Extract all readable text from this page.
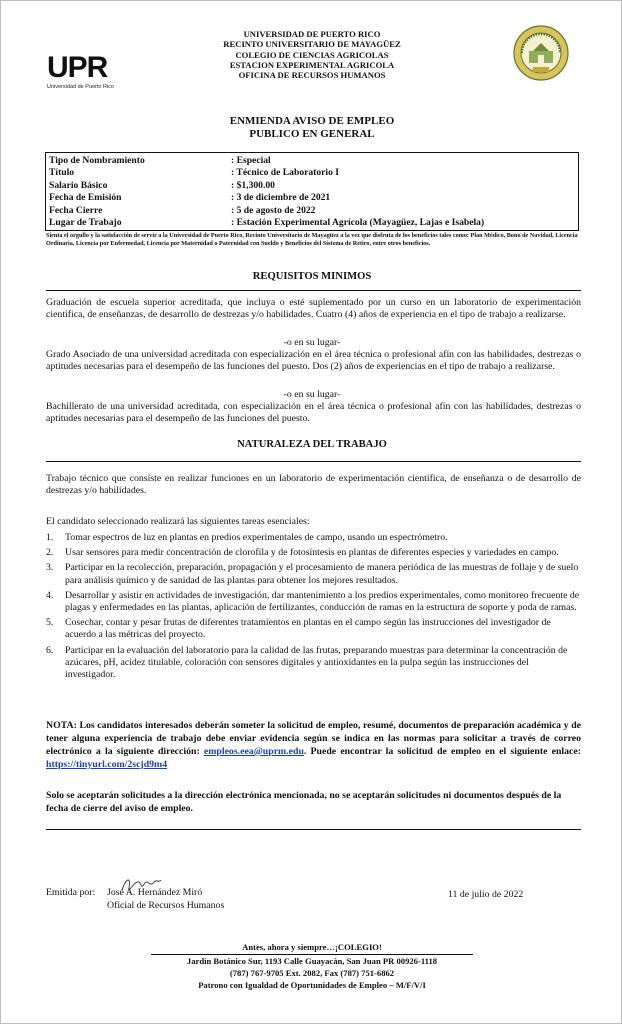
UPR
Universidad de Puerto Rico
UNIVERSIDAD DE PUERTO RICO
RECINTO UNIVERSITARIO DE MAYAGÜEZ
COLEGIO DE CIENCIAS AGRICOLAS
ESTACION EXPERIMENTAL AGRICOLA
OFICINA DE RECURSOS HUMANOS
ENMIENDA AVISO DE EMPLEO
PUBLICO EN GENERAL
Tipo de Nombramiento	: Especial
Título	: Técnico de Laboratorio I
Salario Básico	: $1,300.00
Fecha de Emisión	: 3 de diciembre de 2021
Fecha Cierre	: 5 de agosto de 2022
Lugar de Trabajo	: Estación Experimental Agrícola (Mayagüez, Lajas e Isabela)
Sienta el orgullo y la satisfacción de servir a la Universidad de Puerto Rico, Recinto Universitario de Mayagüez a la vez que disfruta de los beneficios tales como: Plan Médico, Bono de Navidad, Licencia Ordinaria, Licencia por Enfermedad, Licencia por Maternidad o Paternidad con Sueldo y Beneficios del Sistema de Retiro, entre otros beneficios.
REQUISITOS MINIMOS
Graduación de escuela superior acreditada, que incluya o esté suplementado por un curso en un laboratorio de experimentación científica, de enseñanzas, de desarrollo de destrezas y/o habilidades. Cuatro (4) años de experiencia en el tipo de trabajo a realizarse.
-o en su lugar-
Grado Asociado de una universidad acreditada con especialización en el área técnica o profesional afín con las habilidades, destrezas o aptitudes necesarias para el desempeño de las funciones del puesto. Dos (2) años de experiencias en el tipo de trabajo a realizarse.
-o en su lugar-
Bachillerato de una universidad acreditada, con especialización en el área técnica o profesional afín con las habilidades, destrezas o aptitudes necesarias para el desempeño de las funciones del puesto.
NATURALEZA DEL TRABAJO
Trabajo técnico que consiste en realizar funciones en un laboratorio de experimentación científica, de enseñanza o de desarrollo de destrezas y/o habilidades.
El candidato seleccionado realizará las siguientes tareas esenciales:
1. Tomar espectros de luz en plantas en predios experimentales de campo, usando un espectrómetro.
2. Usar sensores para medir concentración de clorofila y de fotosíntesis en plantas de diferentes especies y variedades en campo.
3. Participar en la recolección, preparación, propagación y el procesamiento de manera periódica de las muestras de follaje y de suelo para análisis químico y de sanidad de las plantas para obtener los mejores resultados.
4. Desarrollar y asistir en actividades de investigación, dar mantenimiento a los predios experimentales, como monitoreo frecuente de plagas y enfermedades en las plantas, aplicación de fertilizantes, conducción de ramas en la estructura de soporte y poda de ramas.
5. Cosechar, contar y pesar frutas de diferentes tratamientos en plantas en el campo según las instrucciones del investigador de acuerdo a las métricas del proyecto.
6. Participar en la evaluación del laboratorio para la calidad de las frutas, preparando muestras para determinar la concentración de azúcares, pH, acidez titulable, coloración con sensores digitales y antioxidantes en la pulpa según las instrucciones del investigador.
NOTA: Los candidatos interesados deberán someter la solicitud de empleo, resumé, documentos de preparación académica y de tener alguna experiencia de trabajo debe enviar evidencia según se indica en las normas para solicitar a través de correo electrónico a la siguiente dirección: empleos.eea@uprm.edu. Puede encontrar la solicitud de empleo en el siguiente enlace: https://tinyurl.com/2scjd9m4
Solo se aceptarán solicitudes a la dirección electrónica mencionada, no se aceptarán solicitudes ni documentos después de la fecha de cierre del aviso de empleo.
Emitida por: José A. Hernández Miró
Oficial de Recursos Humanos
11 de julio de 2022
Antes, ahora y siempre…¡COLEGIO!
Jardín Botánico Sur, 1193 Calle Guayacán, San Juan PR 00926-1118
(787) 767-9705 Ext. 2082, Fax (787) 751-6862
Patrono con Igualdad de Oportunidades de Empleo – M/F/V/I
